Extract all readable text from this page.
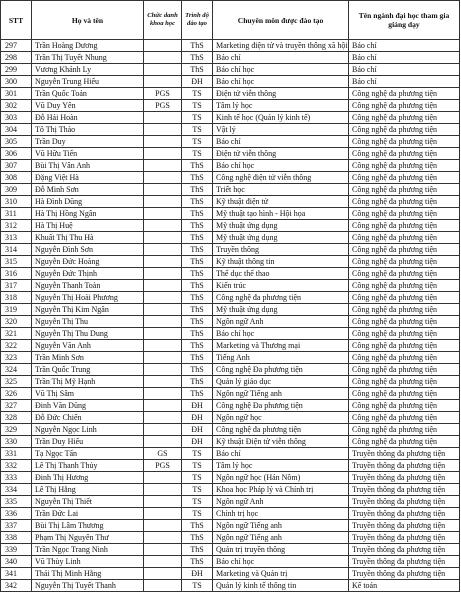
STT	Họ và tên	Chức danh khoa học	Trình độ đào tạo	Chuyên môn được đào tạo	Tên ngành đại học tham gia giảng dạy
297	Trần Hoàng Dương		ThS	Marketing điện tử và truyền thông xã hội	Báo chí
298	Trần Thị Tuyết Nhung		ThS	Báo chí	Báo chí
299	Vương Khánh Ly		ThS	Báo chí học	Báo chí
300	Nguyễn Trung Hiếu		ĐH	Báo chí học	Báo chí
301	Trần Quốc Toản	PGS	TS	Điện tử viễn thông	Công nghệ đa phương tiện
302	Vũ Duy Yên	PGS	TS	Tâm lý học	Công nghệ đa phương tiện
303	Đỗ Hải Hoàn		TS	Kinh tế học (Quản lý kinh tế)	Công nghệ đa phương tiện
304	Tô Thị Thảo		TS	Vật lý	Công nghệ đa phương tiện
305	Trần Duy		TS	Báo chí	Công nghệ đa phương tiện
306	Vũ Hữu Tiến		TS	Điện tử viễn thông	Công nghệ đa phương tiện
307	Bùi Thị Vân Anh		ThS	Báo chí học	Công nghệ đa phương tiện
308	Đặng Việt Hà		ThS	Công nghệ điện tử viễn thông	Công nghệ đa phương tiện
309	Đỗ Minh Sơn		ThS	Triết học	Công nghệ đa phương tiện
310	Hà Đình Dũng		ThS	Kỹ thuật điện tử	Công nghệ đa phương tiện
311	Hà Thị Hồng Ngân		ThS	Mỹ thuật tạo hình - Hội họa	Công nghệ đa phương tiện
312	Hà Thị Huệ		ThS	Mỹ thuật ứng dụng	Công nghệ đa phương tiện
313	Khuất Thị Thu Hà		ThS	Mỹ thuật ứng dụng	Công nghệ đa phương tiện
314	Nguyễn Đình Sơn		ThS	Truyền thông	Công nghệ đa phương tiện
315	Nguyễn Đức Hoàng		ThS	Kỹ thuật thông tin	Công nghệ đa phương tiện
316	Nguyễn Đức Thịnh		ThS	Thể dục thể thao	Công nghệ đa phương tiện
317	Nguyễn Thanh Toàn		ThS	Kiến trúc	Công nghệ đa phương tiện
318	Nguyễn Thị Hoài Phương		ThS	Công nghệ đa phương tiện	Công nghệ đa phương tiện
319	Nguyễn Thị Kim Ngân		ThS	Mỹ thuật ứng dụng	Công nghệ đa phương tiện
320	Nguyễn Thị Thu		ThS	Ngôn ngữ Anh	Công nghệ đa phương tiện
321	Nguyễn Thị Thu Dung		ThS	Báo chí học	Công nghệ đa phương tiện
322	Nguyễn Văn Anh		ThS	Marketing và Thương mại	Công nghệ đa phương tiện
323	Trần Minh Sơn		ThS	Tiếng Anh	Công nghệ đa phương tiện
324	Trần Quốc Trung		ThS	Công nghệ Đa phương tiện	Công nghệ đa phương tiện
325	Trần Thị Mỹ Hạnh		ThS	Quản lý giáo dục	Công nghệ đa phương tiện
326	Vũ Thị Sâm		ThS	Ngôn ngữ Tiếng anh	Công nghệ đa phương tiện
327	Đinh Văn Dũng		ĐH	Công nghệ Đa phương tiện	Công nghệ đa phương tiện
328	Đỗ Đức Chiến		ĐH	Ngôn ngữ học	Công nghệ đa phương tiện
329	Nguyễn Ngọc Linh		ĐH	Công nghệ đa phương tiện	Công nghệ đa phương tiện
330	Trần Duy Hiếu		ĐH	Kỹ thuật Điện tử viễn thông	Công nghệ đa phương tiện
331	Tạ Ngọc Tấn	GS	TS	Báo chí	Truyền thông đa phương tiện
332	Lê Thị Thanh Thủy	PGS	TS	Tâm lý học	Truyền thông đa phương tiện
333	Đinh Thị Hương		TS	Ngôn ngữ học (Hán Nôm)	Truyền thông đa phương tiện
334	Lê Thị Hằng		TS	Khoa học Pháp lý và Chính trị	Truyền thông đa phương tiện
335	Nguyễn Thị Thiết		TS	Ngôn ngữ Anh	Truyền thông đa phương tiện
336	Trần Đức Lai		TS	Chính trị học	Truyền thông đa phương tiện
337	Bùi Thị Lâm Thương		ThS	Ngôn ngữ Tiếng anh	Truyền thông đa phương tiện
338	Phạm Thị Nguyên Thư		ThS	Ngôn ngữ Tiếng anh	Truyền thông đa phương tiện
339	Trần Ngọc Trang Ninh		ThS	Quản trị truyền thông	Truyền thông đa phương tiện
340	Vũ Thùy Linh		ThS	Báo chí học	Truyền thông đa phương tiện
341	Thái Thị Minh Hằng		ĐH	Marketing và Quản trị	Truyền thông đa phương tiện
342	Nguyễn Thị Tuyết Thanh		TS	Quản lý kinh tế thông tin	Kế toán
